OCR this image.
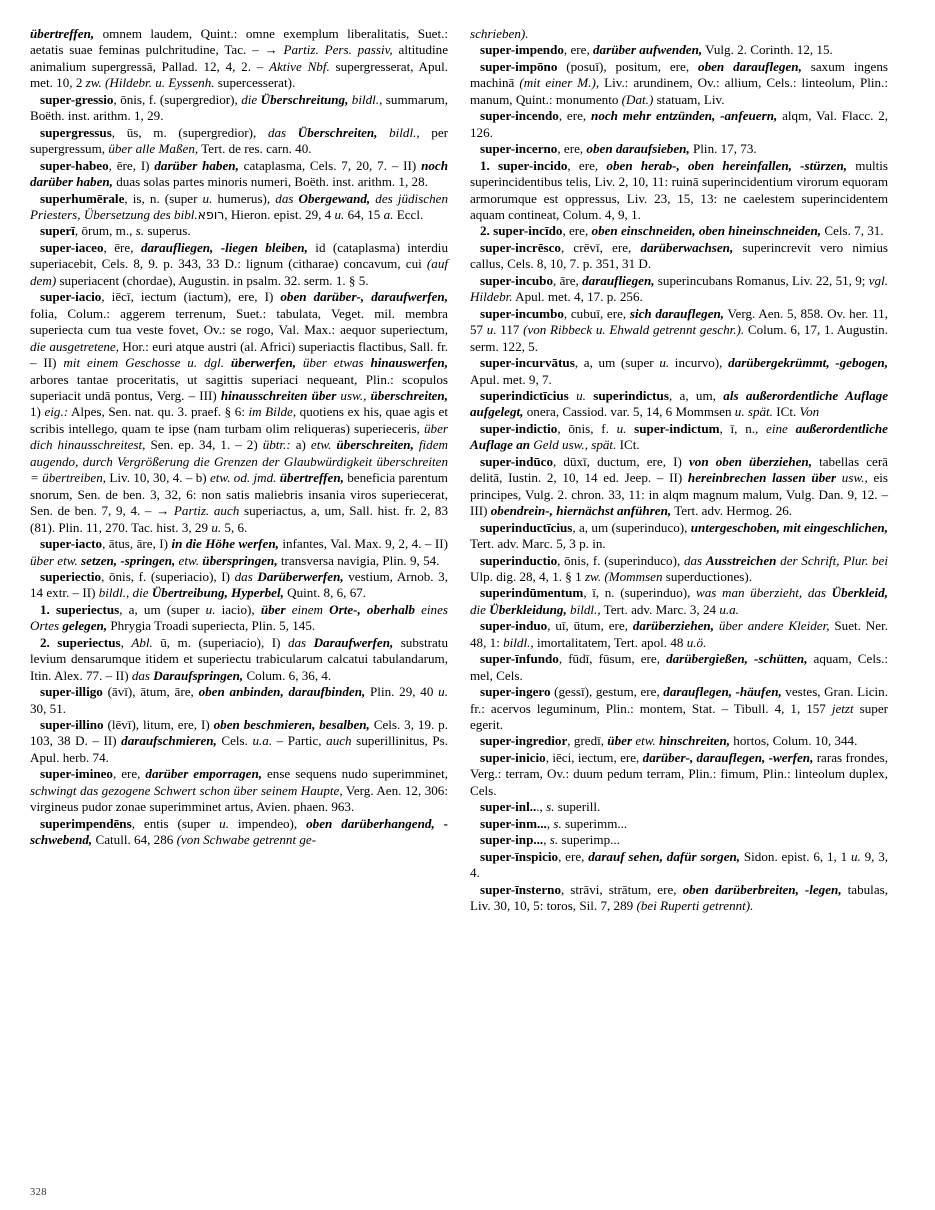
übertreffen, omnem laudem, Quint.: omne exemplum liberalitatis, Suet.: aetatis suae feminas pulchritudine, Tac. – → Partiz. Pers. passiv, altitudine animalium supergressā, Pallad. 12, 4, 2. – Aktive Nbf. supergresserat, Apul. met. 10, 2 zw. (Hildebr. u. Eyssenh. supercesserat).

super-gressio, ōnis, f. (supergredior), die Überschreitung, bildl., summarum, Boëth. inst. arithm. 1, 29.

supergressus, ūs, m. (supergredior), das Überschreiten, bildl., per supergressum, über alle Maßen, Tert. de res. carn. 40.

super-habeo, ēre, I) darüber haben, cataplasma, Cels. 7, 20, 7. – II) noch darüber haben, duas solas partes minoris numeri, Boëth. inst. arithm. 1, 28.

superhumērale, is, n. (super u. humerus), das Obergewand, des jüdischen Priesters, Übersetzung des bibl.רופא, Hieron. epist. 29, 4 u. 64, 15 a. Eccl.

superī, ōrum, m., s. superus.

super-iaceo, ēre, daraufliegen, -liegen bleiben, id (cataplasma) interdiu superiacebit, Cels. 8, 9. p. 343, 33 D.: lignum (citharae) concavum, cui (auf dem) superiacent (chordae), Augustin. in psalm. 32. serm. 1. § 5.

super-iacio, iēcī, iectum (iactum), ere, I) oben darüber-, daraufwerfen, folia, Colum.: aggerem terrenum, Suet.: tabulata, Veget. mil. membra superiecta cum tua veste fovet, Ov.: se rogo, Val. Max.: aequor superiectum, die ausgetretene, Hor.: euri atque austri (al. Africi) superiactis flactibus, Sall. fr. – II) mit einem Geschosse u. dgl. überwerfen, über etwas hinauswerfen, arbores tantae proceritatis, ut sagittis superiaci nequeant, Plin.: scopulos superiacit undā pontus, Verg. – III) hinausschreiten über usw., überschreiten, 1) eig.: Alpes, Sen. nat. qu. 3. praef. § 6: im Bilde, quotiens ex his, quae agis et scribis intellego, quam te ipse (nam turbam olim reliqueras) superieceris, über dich hinausschreitest, Sen. ep. 34, 1. – 2) übtr.: a) etw. überschreiten, fidem augendo, durch Vergrößerung die Grenzen der Glaubwürdigkeit überschreiten = übertreiben, Liv. 10, 30, 4. – b) etw. od. jmd. übertreffen, beneficia parentum snorum, Sen. de ben. 3, 32, 6: non satis maliebris insania viros superiecerat, Sen. de ben. 7, 9, 4. – → Partiz. auch superiactus, a, um, Sall. hist. fr. 2, 83 (81). Plin. 11, 270. Tac. hist. 3, 29 u. 5, 6.

super-iacto, ātus, āre, I) in die Höhe werfen, infantes, Val. Max. 9, 2, 4. – II) über etw. setzen, -springen, etw. überspringen, transversa navigia, Plin. 9, 54.

superiectio, ōnis, f. (superiacio), I) das Darüberwerfen, vestium, Arnob. 3, 14 extr. – II) bildl., die Übertreibung, Hyperbel, Quint. 8, 6, 67.

1. superiectus, a, um (super u. iacio), über einem Orte-, oberhalb eines Ortes gelegen, Phrygia Troadi superiecta, Plin. 5, 145.

2. superiectus, Abl. ū, m. (superiacio), I) das Daraufwerfen, substratu levium densarumque itidem et superiectu trabicularum calcatui tabulandarum, Itin. Alex. 77. – II) das Daraufspringen, Colum. 6, 36, 4.

super-illigo (āvī), ātum, āre, oben anbinden, daraufbinden, Plin. 29, 40 u. 30, 51.

super-illino (lēvī), litum, ere, I) oben beschmieren, besalben, Cels. 3, 19. p. 103, 38 D. – II) daraufschmieren, Cels. u.a. – Partic, auch superillinitus, Ps. Apul. herb. 74.

super-imineo, ere, darüber emporragen, ense sequens nudo superimminet, schwingt das gezogene Schwert schon über seinem Haupte, Verg. Aen. 12, 306: virgineus pudor zonae superimminet artus, Avien. phaen. 963.

superimpendēns, entis (super u. impendeo), oben darüberhangend, -schwebend, Catull. 64, 286 (von Schwabe getrennt ge-

schrieben).

super-impendo, ere, darüber aufwenden, Vulg. 2. Corinth. 12, 15.

super-impōno (posuī), positum, ere, oben darauflegen, saxum ingens machinā (mit einer M.), Liv.: arundinem, Ov.: allium, Cels.: linteolum, Plin.: manum, Quint.: monumento (Dat.) statuam, Liv.

super-incendo, ere, noch mehr entzünden, -anfeuern, alqm, Val. Flacc. 2, 126.

super-incerno, ere, oben daraufsieben, Plin. 17, 73.

1. super-incido, ere, oben herab-, oben hereinfallen, -stürzen, multis superincidentibus telis, Liv. 2, 10, 11: ruinā superincidentium virorum equoram armorumque est oppressus, Liv. 23, 15, 13: ne caelestem superincidentem aquam contineat, Colum. 4, 9, 1.

2. super-incīdo, ere, oben einschneiden, oben hineinschneiden, Cels. 7, 31.

super-incrēsco, crēvī, ere, darüberwachsen, superincrevit vero nimius callus, Cels. 8, 10, 7. p. 351, 31 D.

super-incubo, āre, daraufliegen, superincubans Romanus, Liv. 22, 51, 9; vgl. Hildebr. Apul. met. 4, 17. p. 256.

super-incumbo, cubuī, ere, sich darauflegen, Verg. Aen. 5, 858. Ov. her. 11, 57 u. 117 (von Ribbeck u. Ehwald getrennt geschr.). Colum. 6, 17, 1. Augustin. serm. 122, 5.

super-incurvātus, a, um (super u. incurvo), darübergekrümmt, -gebogen, Apul. met. 9, 7.

superindictīcius u. superindictus, a, um, als außerordentliche Auflage aufgelegt, onera, Cassiod. var. 5, 14, 6 Mommsen u. spät. ICt. Von

super-indictio, ōnis, f. u. super-indictum, ī, n., eine außerordentliche Auflage an Geld usw., spät. ICt.

super-indūco, dūxī, ductum, ere, I) von oben überziehen, tabellas cerā delitā, Iustin. 2, 10, 14 ed. Jeep. – II) hereinbrechen lassen über usw., eis principes, Vulg. 2. chron. 33, 11: in alqm magnum malum, Vulg. Dan. 9, 12. – III) obendrein-, hiernächst anführen, Tert. adv. Hermog. 26.

superinductīcius, a, um (superinduco), untergeschoben, mit eingeschlichen, Tert. adv. Marc. 5, 3 p. in.

superinductio, ōnis, f. (superinduco), das Ausstreichen der Schrift, Plur. bei Ulp. dig. 28, 4, 1. § 1 zw. (Mommsen superductiones).

superindūmentum, ī, n. (superinduo), was man überzieht, das Überkleid, die Überkleidung, bildl., Tert. adv. Marc. 3, 24 u.a.

super-induo, uī, ūtum, ere, darüberziehen, über andere Kleider, Suet. Ner. 48, 1: bildl., imortalitatem, Tert. apol. 48 u.ö.

super-īnfundo, fūdī, fūsum, ere, darübergießen, -schütten, aquam, Cels.: mel, Cels.

super-ingero (gessī), gestum, ere, darauflegen, -häufen, vestes, Gran. Licin. fr.: acervos leguminum, Plin.: montem, Stat. – Tibull. 4, 1, 157 jetzt super egerit.

super-ingredior, gredī, über etw. hinschreiten, hortos, Colum. 10, 344.

super-inicio, iēci, iectum, ere, darüber-, darauflegen, -werfen, raras frondes, Verg.: terram, Ov.: duum pedum terram, Plin.: fimum, Plin.: linteolum duplex, Cels.

super-inl..., s. superill.

super-inm..., s. superimm...

super-inp..., s. superimp...

super-īnspicio, ere, darauf sehen, dafür sorgen, Sidon. epist. 6, 1, 1 u. 9, 3, 4.

super-īnsterno, strāvi, strātum, ere, oben darüberbreiten, -legen, tabulas, Liv. 30, 10, 5: toros, Sil. 7, 289 (bei Ruperti getrennt).

328
